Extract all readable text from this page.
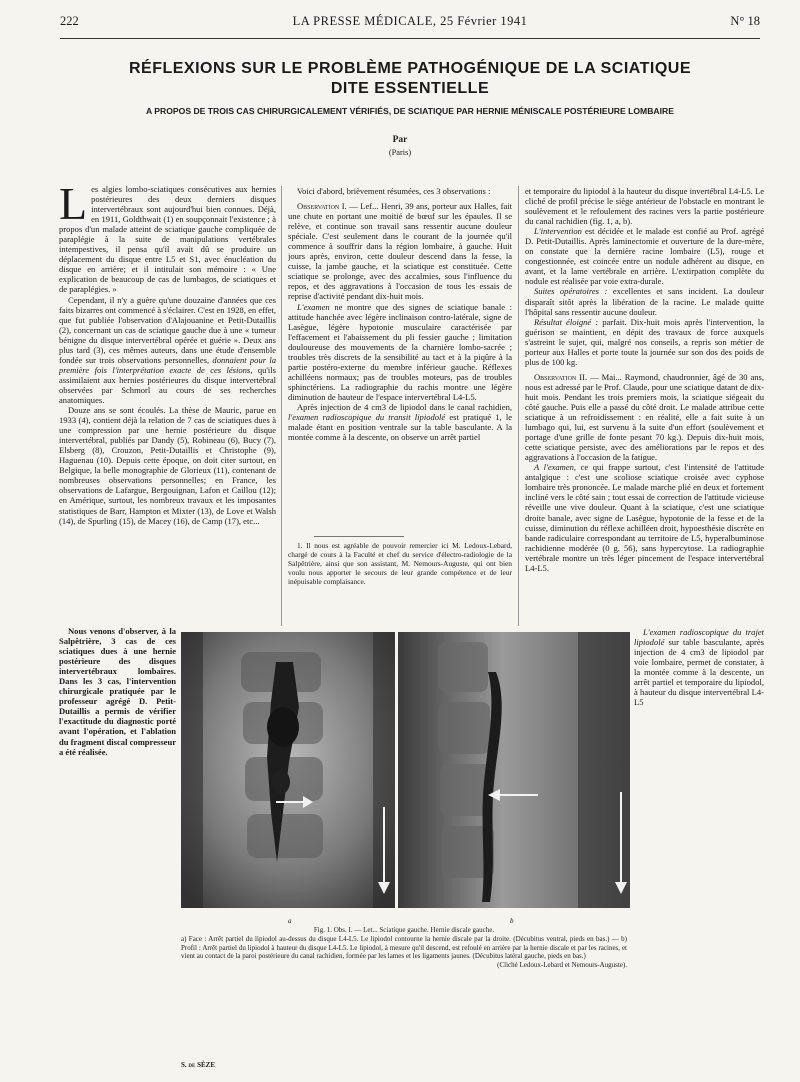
222	LA PRESSE MÉDICALE, 25 Février 1941	N° 18
RÉFLEXIONS SUR LE PROBLÈME PATHOGÉNIQUE DE LA SCIATIQUE
DITE ESSENTIELLE
A PROPOS DE TROIS CAS CHIRURGICALEMENT VÉRIFIÉS, DE SCIATIQUE PAR HERNIE MÉNISCALE POSTÉRIEURE LOMBAIRE
Par
S. de SÈZE
(Paris)

Les algies lombo-sciatiques consécutives aux hernies postérieures des deux derniers disques intervertébraux sont aujourd'hui bien connues. Déjà, en 1911, Goldthwait (1) en soupçonnait l'existence ; à propos d'un malade atteint de sciatique gauche compliquée de paraplégie à la suite de manipulations vertébrales intempestives, il pensa qu'il avait dû se produire un déplacement du disque entre L5 et S1, avec énucléation du disque en arrière; et il intitulait son mémoire : « Une explication de beaucoup de cas de lumbagos, de sciatiques et de paraplégies. »

Cependant, il n'y a guère qu'une douzaine d'années que ces faits bizarres ont commencé à s'éclairer. C'est en 1928, en effet, que fut publiée l'observation d'Alajouanine et Petit-Dutaillis (2), concernant un cas de sciatique gauche due à une « tumeur bénigne du disque intervertébral opérée et guérie ». Deux ans plus tard (3), ces mêmes auteurs, dans une étude d'ensemble fondée sur trois observations personnelles, donnaient pour la première fois l'interprétation exacte de ces lésions, qu'ils assimilaient aux hernies postérieures du disque intervertébral observées par Schmorl au cours de ses recherches anatomiques.

Douze ans se sont écoulés. La thèse de Mauric, parue en 1933 (4), contient déjà la relation de 7 cas de sciatiques dues à une compression par une hernie postérieure du disque intervertébral, publiés par Dandy (5), Robineau (6), Bucy (7), Elsberg (8), Crouzon, Petit-Dutaillis et Christophe (9), Haguenau (10). Depuis cette époque, on doit citer surtout, en Belgique, la belle monographie de Glorieux (11), contenant de nombreuses observations personnelles; en France, les observations de Lafargue, Bergouignan, Lafon et Caillou (12); en Amérique, surtout, les nombreux travaux et les imposantes statistiques de Barr, Hampton et Mixter (13), de Love et Walsh (14), de Spurling (15), de Macey (16), de Camp (17), etc...

Nous venons d'observer, à la Salpêtrière, 3 cas de ces sciatiques dues à une hernie postérieure des disques intervertébraux lombaires. Dans les 3 cas, l'intervention chirurgicale pratiquée par le professeur agrégé D. Petit-Dutaillis a permis de vérifier l'exactitude du diagnostic porté avant l'opération, et l'ablation du fragment discal compresseur a été réalisée.

Voici d'abord, brièvement résumées, ces 3 observations :

Observation I. — Lef... Henri, 39 ans, porteur aux Halles, fait une chute en portant une moitié de bœuf sur les épaules. Il se relève, et continue son travail sans ressentir aucune douleur spéciale. C'est seulement dans le courant de la journée qu'il commence à souffrir dans la région lombaire, à gauche. Huit jours après, environ, cette douleur descend dans la fesse, la cuisse, la jambe gauche, et la sciatique est constituée. Cette sciatique se prolonge, avec des accalmies, sous l'influence du repos, et des aggravations à l'occasion de tous les essais de reprise d'activité pendant dix-huit mois.

L'examen ne montre que des signes de sciatique banale : attitude hanchée avec légère inclinaison contro-latérale, signe de Lasègue, légère hypotonie musculaire caractérisée par l'effacement et l'abaissement du pli fessier gauche ; limitation douloureuse des mouvements de la charnière lombo-sacrée ; troubles très discrets de la sensibilité au tact et à la piqûre à la partie postéro-externe du membre inférieur gauche. Réflexes achilléens normaux; pas de troubles moteurs, pas de troubles sphinctériens. La radiographie du rachis montre une légère diminution de hauteur de l'espace intervertébral L4-L5.

Après injection de 4 cm3 de lipiodol dans le canal rachidien, l'examen radioscopique du transit lipiodolé est pratiqué 1, le malade étant en position ventrale sur la table basculante. A la montée comme à la descente, on observe un arrêt partiel

1. Il nous est agréable de pouvoir remercier ici M. Ledoux-Lebard, chargé de cours à la Faculté et chef du service d'électro-radiologie de la Salpêtrière, ainsi que son assistant, M. Nemours-Auguste, qui ont bien voulu nous apporter le secours de leur grande compétence et de leur inépuisable complaisance.

et temporaire du lipiodol à la hauteur du disque invertébral L4-L5. Le cliché de profil précise le siège antérieur de l'obstacle en montrant le soulèvement et le refoulement des racines vers la partie postérieure du canal rachidien (fig. 1, a, b).

L'intervention est décidée et le malade est confié au Prof. agrégé D. Petit-Dutaillis. Après laminectomie et ouverture de la dure-mère, on constate que la dernière racine lombaire (L5), rouge et congestionnée, est coincée entre un nodule adhérent au disque, en avant, et la lame vertébrale en arrière. L'extirpation complète du nodule est réalisée par voie extra-durale.

Suites opératoires : excellentes et sans incident. La douleur disparaît sitôt après la libération de la racine. Le malade quitte l'hôpital sans ressentir aucune douleur.

Résultat éloigné : parfait. Dix-huit mois après l'intervention, la guérison se maintient, en dépit des travaux de force auxquels s'astreint le sujet, qui, malgré nos conseils, a repris son métier de porteur aux Halles et porte toute la journée sur son dos des poids de plus de 100 kg.

Observation II. — Mai... Raymond, chaudronnier, âgé de 30 ans, nous est adressé par le Prof. Claude, pour une sciatique datant de dix-huit mois. Pendant les trois premiers mois, la sciatique siégeait du côté gauche. Puis elle a passé du côté droit. Le malade attribue cette sciatique à un refroidissement : en réalité, elle a fait suite à un lumbago qui, lui, est survenu à la suite d'un effort (soulèvement et portage d'une grille de fonte pesant 70 kg.). Depuis dix-huit mois, cette sciatique persiste, avec des améliorations par le repos et des aggravations à l'occasion de la fatigue.

A l'examen, ce qui frappe surtout, c'est l'intensité de l'attitude antalgique : c'est une scoliose sciatique croisée avec cyphose lombaire très prononcée. Le malade marche plié en deux et fortement incliné vers le côté sain ; tout essai de correction de l'attitude vicieuse réveille une vive douleur. Quant à la sciatique, c'est une sciatique droite banale, avec signe de Lasègue, hypotonie de la fesse et de la cuisse, diminution du réflexe achilléen droit, hypoesthésie discrète en bande radiculaire correspondant au territoire de L5, hyperalbuminose rachidienne modérée (0 g. 56), sans hypercytose. La radiographie vertébrale montre un très léger pincement de l'espace intervertébral L4-L5.

L'examen radioscopique du trajet lipiodolé sur table basculante, après injection de 4 cm3 de lipiodol par voie lombaire, permet de constater, à la montée comme à la descente, un arrêt partiel et temporaire du lipiodol, à hauteur du disque intervertébral L4-L5

a	b
Fig. 1. Obs. I. — Let... Sciatique gauche. Hernie discale gauche.
a) Face : Arrêt partiel du lipiodol au-dessus du disque L4-L5. Le lipiodol contourne la hernie discale par la droite. (Décubitus ventral, pieds en bas.) — b) Profil : Arrêt partiel du lipiodol à hauteur du disque L4-L5. Le lipiodol, à mesure qu'il descend, est refoulé en arrière par la hernie discale et par les racines, et vient au contact de la paroi postérieure du canal rachidien, formée par les lames et les ligaments jaunes. (Décubitus latéral gauche, pieds en bas.)
(Cliché Ledoux-Lebard et Nemours-Auguste).
